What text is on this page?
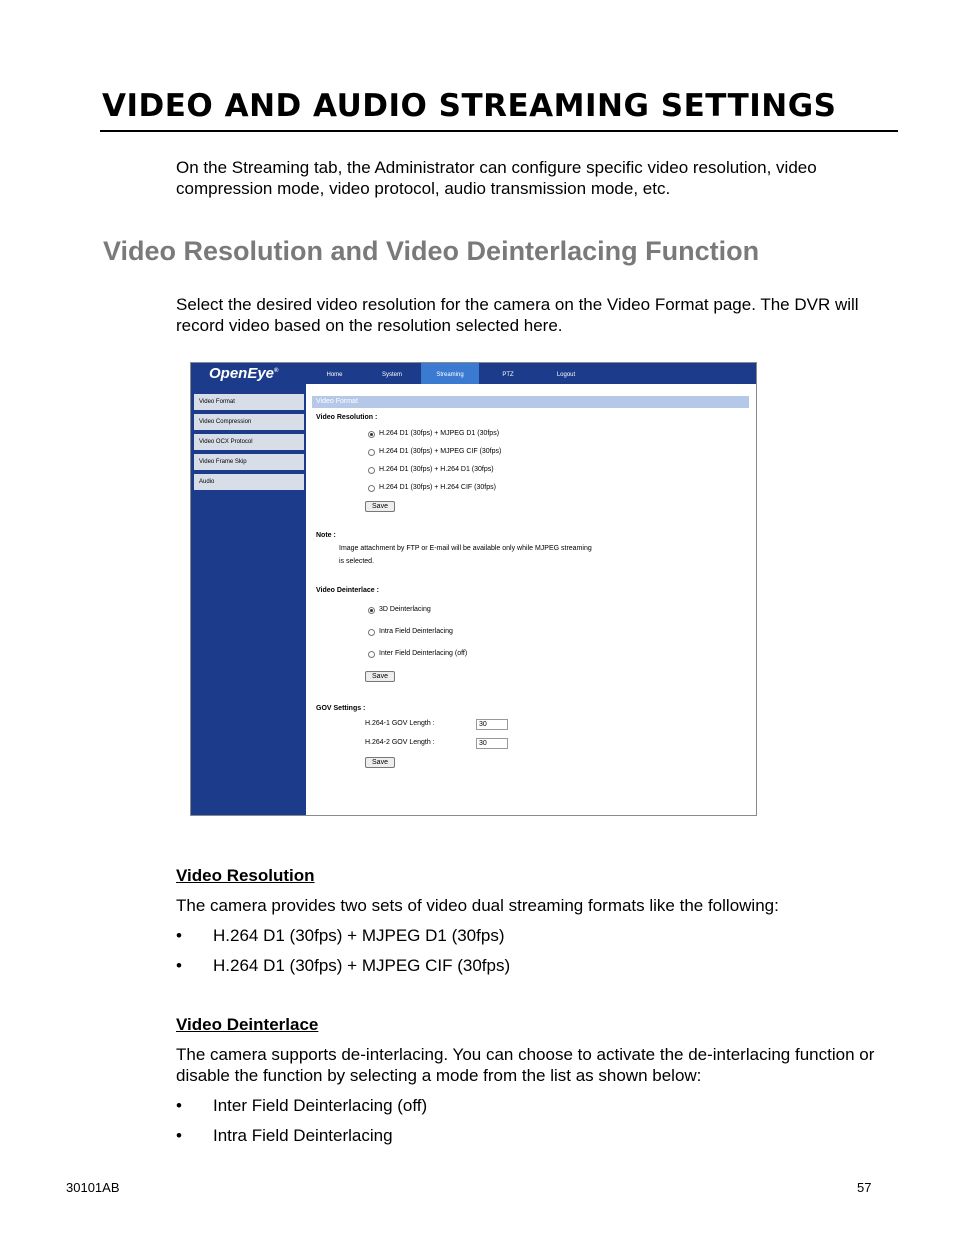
VIDEO AND AUDIO STREAMING SETTINGS
On the Streaming tab, the Administrator can configure specific video resolution, video compression mode, video protocol, audio transmission mode, etc.
Video Resolution and Video Deinterlacing Function
Select the desired video resolution for the camera on the Video Format page. The DVR will record video based on the resolution selected here.
OpenEye®
Video Format
Video Compression
Video OCX Protocol
Video Frame Skip
Audio
Home	System	Streaming	PTZ	Logout
Video Format
Video Resolution :
H.264 D1 (30fps) + MJPEG D1 (30fps)
H.264 D1 (30fps) + MJPEG CIF (30fps)
H.264 D1 (30fps) + H.264 D1 (30fps)
H.264 D1 (30fps) + H.264 CIF (30fps)
Save
Note :
Image attachment by FTP or E-mail will be available only while MJPEG streaming
is selected.
Video Deinterlace :
3D Deinterlacing
Intra Field Deinterlacing
Inter Field Deinterlacing (off)
Save
GOV Settings :
H.264-1 GOV Length :	30
H.264-2 GOV Length :	30
Save
Video Resolution
The camera provides two sets of video dual streaming formats like the following:
• H.264 D1 (30fps) + MJPEG D1 (30fps)
• H.264 D1 (30fps) + MJPEG CIF (30fps)
Video Deinterlace
The camera supports de-interlacing. You can choose to activate the de-interlacing function or disable the function by selecting a mode from the list as shown below:
• Inter Field Deinterlacing (off)
• Intra Field Deinterlacing
30101AB	57
